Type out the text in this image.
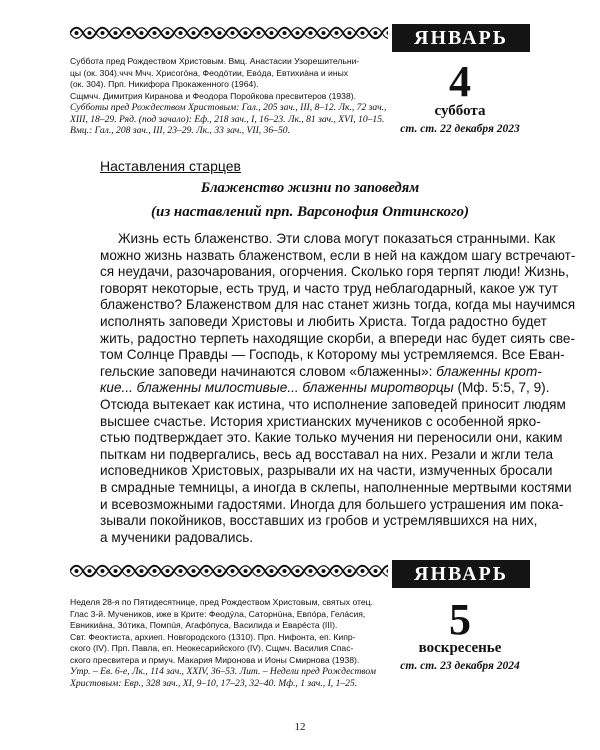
ЯНВАРЬ
Суббота пред Рождеством Христовым. Вмц. Анастасии Узорешительни-
цы (ок. 304).ччч Мчч. Хрисогóна, Феодóтии, Евóда, Евтихиáна и иных
(ок. 304). Прп. Никифора Прокаженного (1964).
Сщмчч. Димитрия Киранова и Феодора Поройкова пресвитеров (1938).
Субботы пред Рождеством Христовым: Гал., 205 зач., III, 8–12. Лк., 72 зач.,
XIII, 18–29. Ряд. (под зачало): Еф., 218 зач., I, 16–23. Лк., 81 зач., XVI, 10–15.
Вмц.: Гал., 208 зач., III, 23–29. Лк., 33 зач., VII, 36–50.
4
суббота
ст. ст. 22 декабря 2023
Наставления старцев
Блаженство жизни по заповедям
(из наставлений прп. Варсонофия Оптинского)
Жизнь есть блаженство. Эти слова могут показаться странными. Как
можно жизнь назвать блаженством, если в ней на каждом шагу встречают-
ся неудачи, разочарования, огорчения. Сколько горя терпят люди! Жизнь,
говорят некоторые, есть труд, и часто труд неблагодарный, какое уж тут
блаженство? Блаженством для нас станет жизнь тогда, когда мы научимся
исполнять заповеди Христовы и любить Христа. Тогда радостно будет
жить, радостно терпеть находящие скорби, а впереди нас будет сиять све-
том Солнце Правды — Господь, к Которому мы устремляемся. Все Еван-
гельские заповеди начинаются словом «блаженны»: блаженны крот-
кие... блаженны милостивые... блаженны миротворцы (Мф. 5:5, 7, 9).
Отсюда вытекает как истина, что исполнение заповедей приносит людям
высшее счастье. История христианских мучеников с особенной ярко-
стью подтверждает это. Какие только мучения ни переносили они, каким
пыткам ни подвергались, весь ад восставал на них. Резали и жгли тела
исповедников Христовых, разрывали их на части, измученных бросали
в смрадные темницы, а иногда в склепы, наполненные мертвыми костями
и всевозможными гадостями. Иногда для большего устрашения им пока-
зывали покойников, восставших из гробов и устремлявшихся на них,
а мученики радовались.
ЯНВАРЬ
Неделя 28-я по Пятидесятнице, пред Рождеством Христовым, святых отец.
Глас 3-й. Мучеников, иже в Крите: Феодýла, Саторнúна, Евпóра, Гелáсия,
Евникиáна, Зóтика, Помпúя, Агафóпуса, Василида и Еварéста (III).
Свт. Феоктиста, архиеп. Новгородского (1310). Прп. Нифонта, еп. Кипр-
ского (IV). Прп. Павла, еп. Неокесарийского (IV). Сщмч. Василия Спас-
ского пресвитера и прмуч. Макария Миронова и Ионы Смирнова (1938).
Утр. – Ев. 6-е, Лк., 114 зач., XXIV, 36–53. Лит. – Недели пред Рождеством
Христовым: Евр., 328 зач., XI, 9–10, 17–23, 32–40. Мф., 1 зач., I, 1–25.
5
воскресенье
ст. ст. 23 декабря 2024
12
